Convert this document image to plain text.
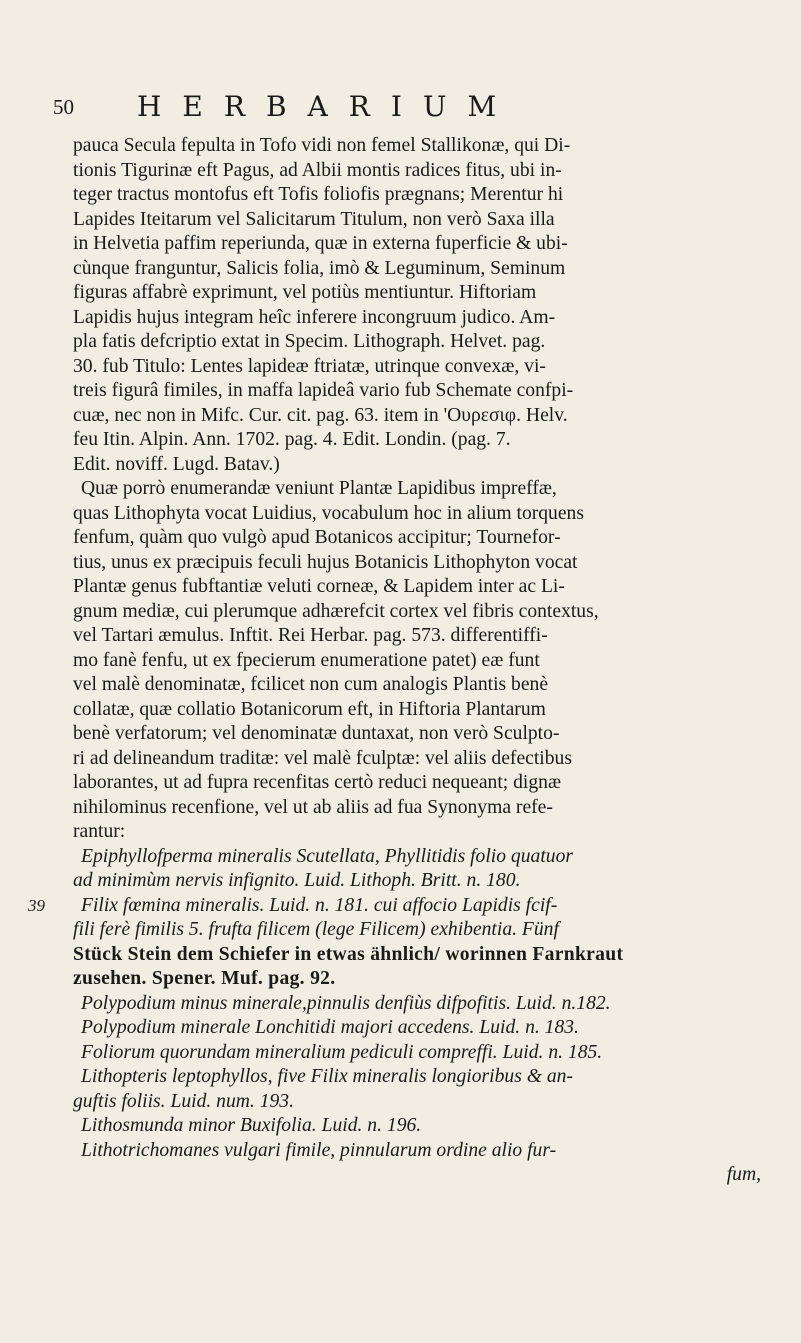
50 HERBARIUM
pauca Secula fepulta in Tofo vidi non femel Stallikonæ, qui Di-
tionis Tigurinæ eft Pagus, ad Albii montis radices fitus, ubi in-
teger tractus montofus eft Tofis foliofis prægnans; Merentur hi
Lapides Iteitarum vel Salicitarum Titulum, non verò Saxa illa
in Helvetia paffim reperiunda, quæ in externa fuperficie & ubi-
cùnque franguntur, Salicis folia, imò & Leguminum, Seminum
figuras affabrè exprimunt, vel potiùs mentiuntur. Hiftoriam
Lapidis hujus integram heîc inferere incongruum judico. Am-
pla fatis defcriptio extat in Specim. Lithograph. Helvet. pag.
30. fub Titulo: Lentes lapideæ ftriatæ, utrinque convexæ, vi-
treis figurâ fimiles, in maffa lapideâ vario fub Schemate confpi-
cuæ, nec non in Mifc. Cur. cit. pag. 63. item in 'Ουρεσιφ. Helv.
feu Itin. Alpin. Ann. 1702. pag. 4. Edit. Londin. (pag. 7.
Edit. noviff. Lugd. Batav.)
Quæ porrò enumerandæ veniunt Plantæ Lapidibus impreffæ,
quas Lithophyta vocat Luidius, vocabulum hoc in alium torquens
fenfum, quàm quo vulgò apud Botanicos accipitur; Tournefor-
tius, unus ex præcipuis feculi hujus Botanicis Lithophyton vocat
Plantæ genus fubftantiæ veluti corneæ, & Lapidem inter ac Li-
gnum mediæ, cui plerumque adhærefcit cortex vel fibris contextus,
vel Tartari æmulus. Inftit. Rei Herbar. pag. 573. differentiffi-
mo fanè fenfu, ut ex fpecierum enumeratione patet) eæ funt
vel malè denominatæ, fcilicet non cum analogis Plantis benè
collatæ, quæ collatio Botanicorum eft, in Hiftoria Plantarum
benè verfatorum; vel denominatæ duntaxat, non verò Sculpto-
ri ad delineandum traditæ: vel malè fculptæ: vel aliis defectibus
laborantes, ut ad fupra recenfitas certò reduci nequeant; dignæ
nihilominus recenfione, vel ut ab aliis ad fua Synonyma refe-
rantur:
Epiphyllofperma mineralis Scutellata, Phyllitidis folio quatuor
ad minimùm nervis infignito. Luid. Lithoph. Britt. n. 180.
Filix fœmina mineralis. Luid. n. 181. cui affocio Lapidis fcif-
39
fili ferè fimilis 5. frufta filicem (lege Filicem) exhibentia. Fünf
Stück Stein dem Schiefer in etwas ähnlich/ worinnen Farnkraut
zusehen. Spener. Muf. pag. 92.
Polypodium minus minerale,pinnulis denfiùs difpofitis. Luid. n.182.
Polypodium minerale Lonchitidi majori accedens. Luid. n. 183.
Foliorum quorundam mineralium pediculi compreffi. Luid. n. 185.
Lithopteris leptophyllos, five Filix mineralis longioribus & an-
guftis foliis. Luid. num. 193.
Lithosmunda minor Buxifolia. Luid. n. 196.
Lithotrichomanes vulgari fimile, pinnularum ordine alio fur-
fum,
